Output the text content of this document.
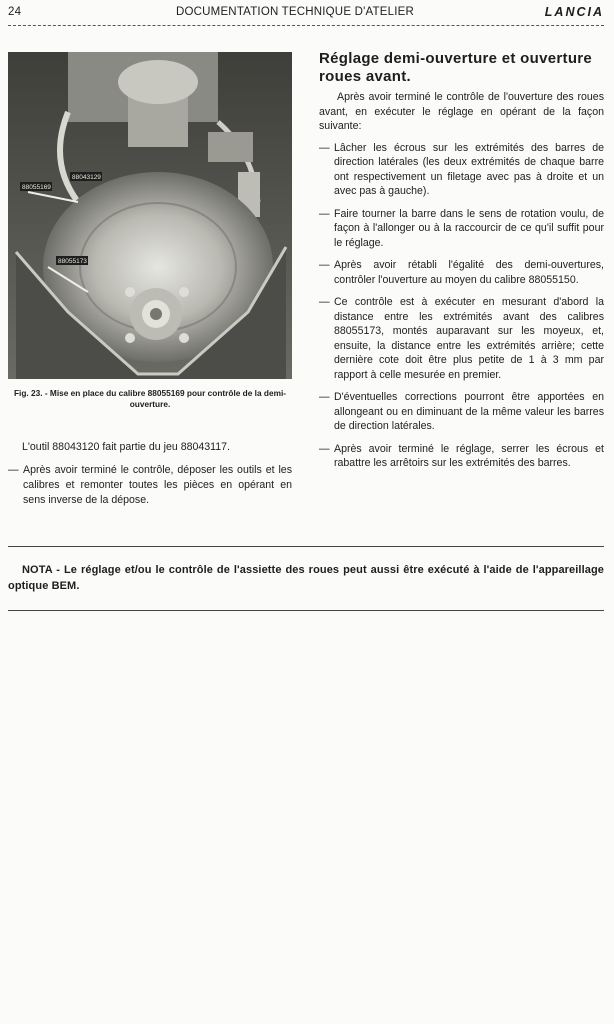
24	DOCUMENTATION TECHNIQUE D'ATELIER	LANCIA
88055169
88043129
88055173
Fig. 23. - Mise en place du calibre 88055169 pour contrôle de la demi-ouverture.

L'outil 88043120 fait partie du jeu 88043117.

— Après avoir terminé le contrôle, déposer les outils et les calibres et remonter toutes les pièces en opérant en sens inverse de la dépose.

Réglage demi-ouverture et ouverture roues avant.

Après avoir terminé le contrôle de l'ouverture des roues avant, en exécuter le réglage en opérant de la façon suivante:

— Lâcher les écrous sur les extrémités des barres de direction latérales (les deux extrémités de chaque barre ont respectivement un filetage avec pas à droite et un avec pas à gauche).

— Faire tourner la barre dans le sens de rotation voulu, de façon à l'allonger ou à la raccourcir de ce qu'il suffit pour le réglage.

— Après avoir rétabli l'égalité des demi-ouvertures, contrôler l'ouverture au moyen du calibre 88055150.

— Ce contrôle est à exécuter en mesurant d'abord la distance entre les extrémités avant des calibres 88055173, montés auparavant sur les moyeux, et, ensuite, la distance entre les extrémités arrière; cette dernière cote doit être plus petite de 1 à 3 mm par rapport à celle mesurée en premier.

— D'éventuelles corrections pourront être apportées en allongeant ou en diminuant de la même valeur les barres de direction latérales.

— Après avoir terminé le réglage, serrer les écrous et rabattre les arrêtoirs sur les extrémités des barres.

NOTA - Le réglage et/ou le contrôle de l'assiette des roues peut aussi être exécuté à l'aide de l'appareillage optique BEM.
